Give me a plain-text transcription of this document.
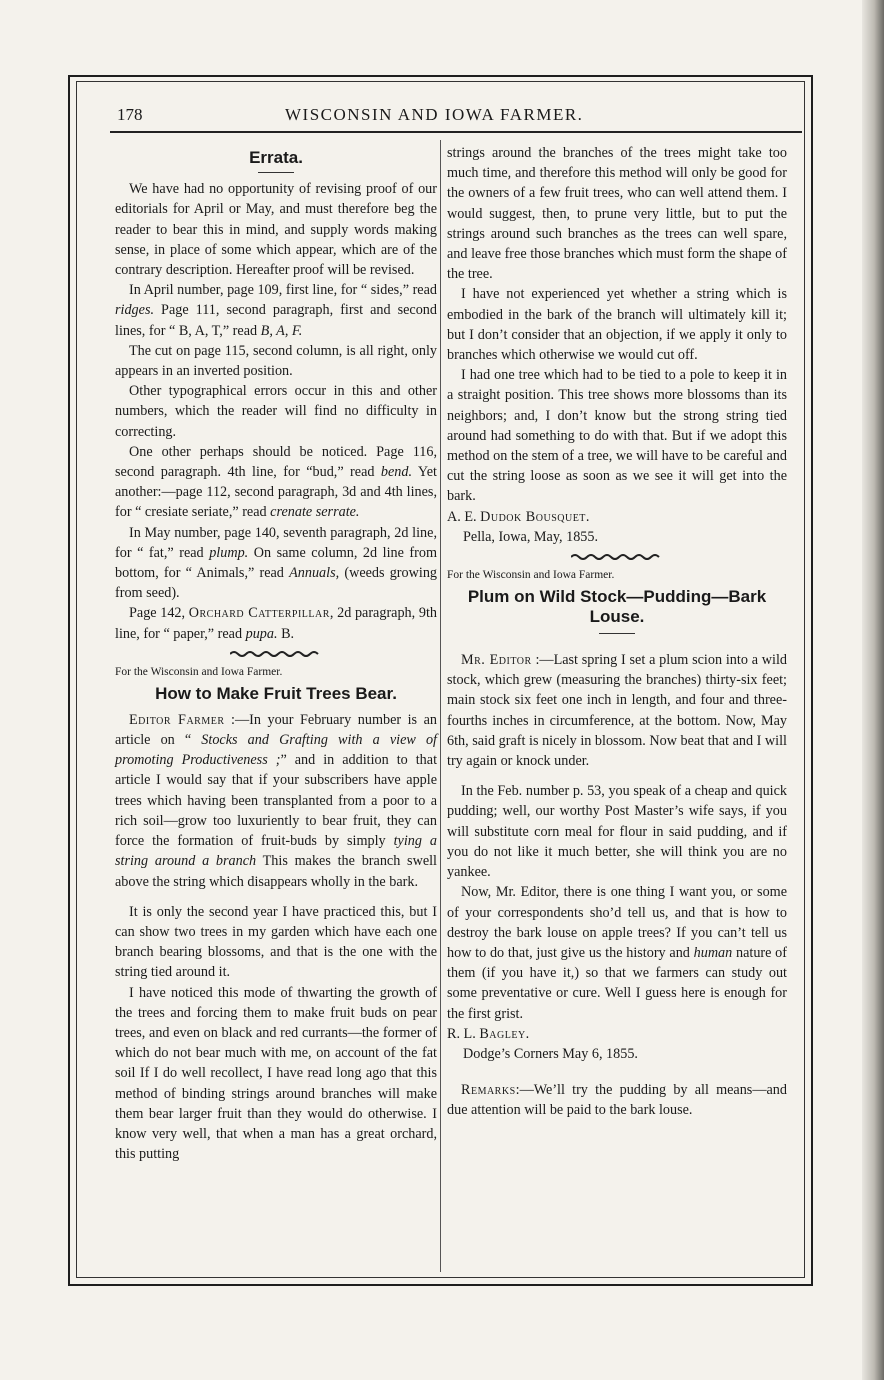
178	WISCONSIN AND IOWA FARMER.
Errata.

We have had no opportunity of revising proof of our editorials for April or May, and must therefore beg the reader to bear this in mind, and supply words making sense, in place of some which appear, which are of the contrary description. Hereafter proof will be revised.

In April number, page 109, first line, for “ sides,” read ridges. Page 111, second paragraph, first and second lines, for “ B, A, T,” read B, A, F.

The cut on page 115, second column, is all right, only appears in an inverted position.

Other typographical errors occur in this and other numbers, which the reader will find no difficulty in correcting.

One other perhaps should be noticed. Page 116, second paragraph. 4th line, for “bud,” read bend. Yet another:—page 112, second paragraph, 3d and 4th lines, for “ cresiate seriate,” read crenate serrate.

In May number, page 140, seventh paragraph, 2d line, for “ fat,” read plump. On same column, 2d line from bottom, for “ Animals,” read Annuals, (weeds growing from seed).

Page 142, Orchard Catterpillar, 2d paragraph, 9th line, for “ paper,” read pupa. B.

For the Wisconsin and Iowa Farmer.

How to Make Fruit Trees Bear.

Editor Farmer :—In your February number is an article on “ Stocks and Grafting with a view of promoting Productiveness ;” and in addition to that article I would say that if your subscribers have apple trees which having been transplanted from a poor to a rich soil—grow too luxuriently to bear fruit, they can force the formation of fruit-buds by simply tying a string around a branch This makes the branch swell above the string which disappears wholly in the bark.

It is only the second year I have practiced this, but I can show two trees in my garden which have each one branch bearing blossoms, and that is the one with the string tied around it.

I have noticed this mode of thwarting the growth of the trees and forcing them to make fruit buds on pear trees, and even on black and red currants—the former of which do not bear much with me, on account of the fat soil If I do well recollect, I have read long ago that this method of binding strings around branches will make them bear larger fruit than they would do otherwise. I know very well, that when a man has a great orchard, this putting

strings around the branches of the trees might take too much time, and therefore this method will only be good for the owners of a few fruit trees, who can well attend them. I would suggest, then, to prune very little, but to put the strings around such branches as the trees can well spare, and leave free those branches which must form the shape of the tree.

I have not experienced yet whether a string which is embodied in the bark of the branch will ultimately kill it; but I don’t consider that an objection, if we apply it only to branches which otherwise we would cut off.

I had one tree which had to be tied to a pole to keep it in a straight position. This tree shows more blossoms than its neighbors; and, I don’t know but the strong string tied around had something to do with that. But if we adopt this method on the stem of a tree, we will have to be careful and cut the string loose as soon as we see it will get into the bark.

A. E. Dudok Bousquet.

Pella, Iowa, May, 1855.

For the Wisconsin and Iowa Farmer.

Plum on Wild Stock—Pudding—Bark Louse.

Mr. Editor :—Last spring I set a plum scion into a wild stock, which grew (measuring the branches) thirty-six feet; main stock six feet one inch in length, and four and three-fourths inches in circumference, at the bottom. Now, May 6th, said graft is nicely in blossom. Now beat that and I will try again or knock under.

In the Feb. number p. 53, you speak of a cheap and quick pudding; well, our worthy Post Master’s wife says, if you will substitute corn meal for flour in said pudding, and if you do not like it much better, she will think you are no yankee.

Now, Mr. Editor, there is one thing I want you, or some of your correspondents sho’d tell us, and that is how to destroy the bark louse on apple trees? If you can’t tell us how to do that, just give us the history and human nature of them (if you have it,) so that we farmers can study out some preventative or cure. Well I guess here is enough for the first grist.

R. L. Bagley.

Dodge’s Corners May 6, 1855.

Remarks:—We’ll try the pudding by all means—and due attention will be paid to the bark louse.
